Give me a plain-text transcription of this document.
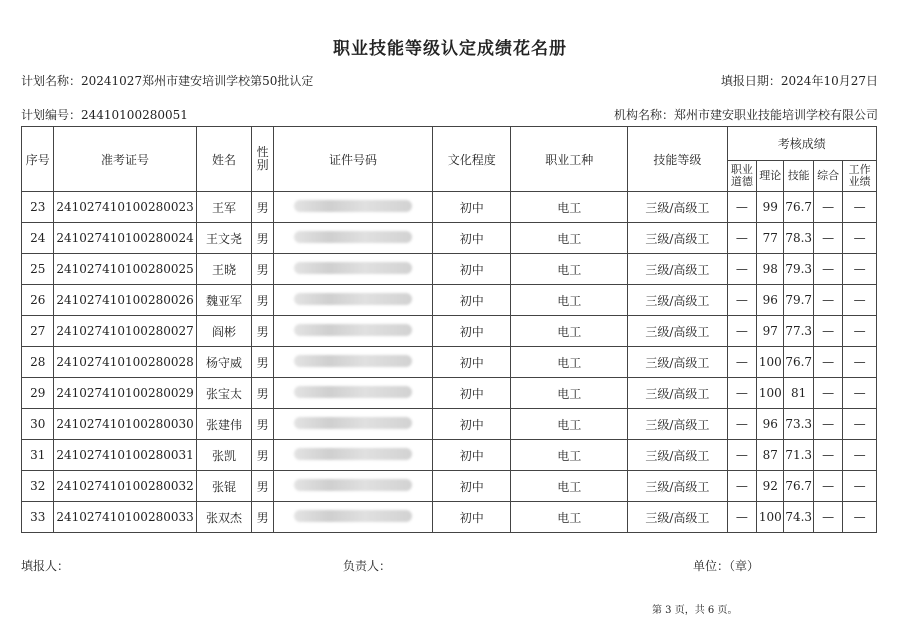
职业技能等级认定成绩花名册
计划名称：20241027郑州市建安培训学校第50批认定	填报日期：2024年10月27日
计划编号：24410100280051	机构名称：郑州市建安职业技能培训学校有限公司
序号	准考证号	姓名	性别	证件号码	文化程度	职业工种	技能等级	考核成绩				
								职业道德	理论	技能	综合	工作业绩
23	241027410100280023	王军	男		初中	电工	三级/高级工	—	99	76.7	—	—
24	241027410100280024	王文尧	男		初中	电工	三级/高级工	—	77	78.3	—	—
25	241027410100280025	王晓	男		初中	电工	三级/高级工	—	98	79.3	—	—
26	241027410100280026	魏亚军	男		初中	电工	三级/高级工	—	96	79.7	—	—
27	241027410100280027	阎彬	男		初中	电工	三级/高级工	—	97	77.3	—	—
28	241027410100280028	杨守威	男		初中	电工	三级/高级工	—	100	76.7	—	—
29	241027410100280029	张宝太	男		初中	电工	三级/高级工	—	100	81	—	—
30	241027410100280030	张建伟	男		初中	电工	三级/高级工	—	96	73.3	—	—
31	241027410100280031	张凯	男		初中	电工	三级/高级工	—	87	71.3	—	—
32	241027410100280032	张锟	男		初中	电工	三级/高级工	—	92	76.7	—	—
33	241027410100280033	张双杰	男		初中	电工	三级/高级工	—	100	74.3	—	—
填报人：	负责人：	单位：（章）
第 3 页，共 6 页。
